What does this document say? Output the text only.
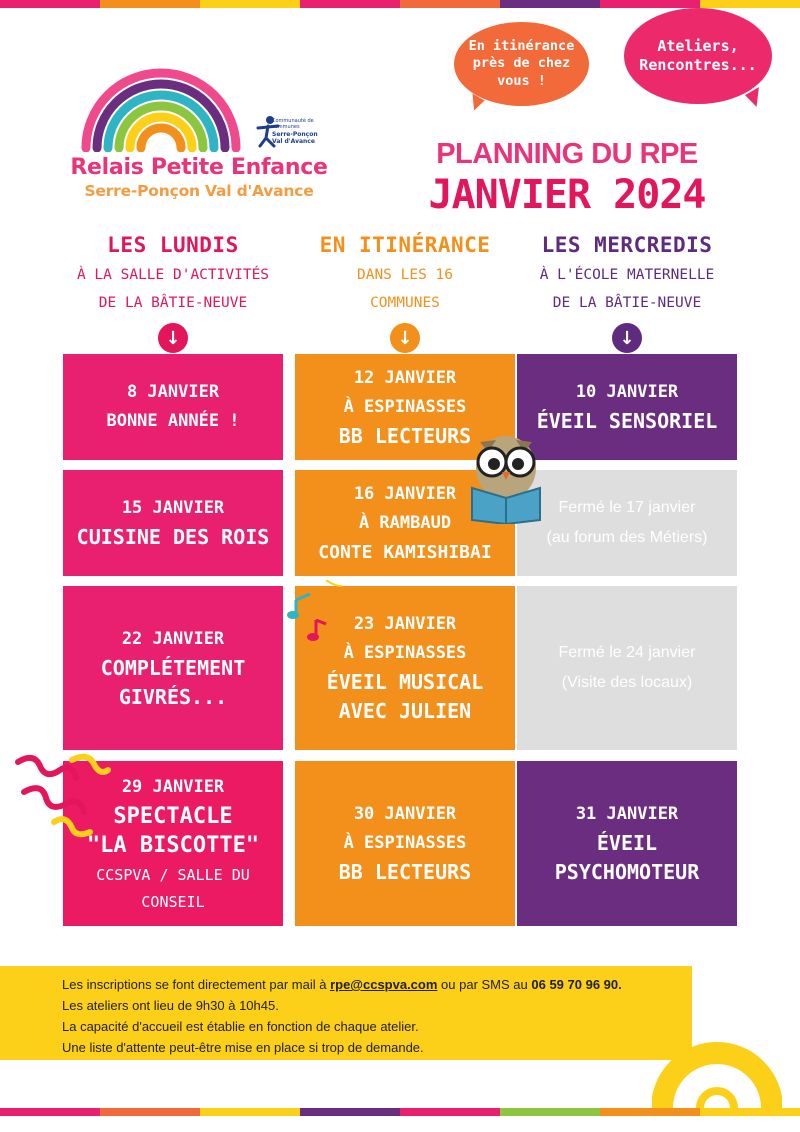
Communauté de communes
Serre-Ponçon
Val d'Avance
Relais Petite Enfance
Serre-Ponçon Val d'Avance
En itinérance
près de chez
vous !
Ateliers,
Rencontres...
PLANNING DU RPE
JANVIER 2024
LES LUNDIS
À LA SALLE D'ACTIVITÉS
DE LA BÂTIE-NEUVE
↓
EN ITINÉRANCE
DANS LES 16
COMMUNES
↓
LES MERCREDIS
À L'ÉCOLE MATERNELLE
DE LA BÂTIE-NEUVE
↓
8 JANVIER
BONNE ANNÉE !
12 JANVIER
À ESPINASSES
BB LECTEURS
10 JANVIER
ÉVEIL SENSORIEL
15 JANVIER
CUISINE DES ROIS
16 JANVIER
À RAMBAUD
CONTE KAMISHIBAI
Fermé le 17 janvier
(au forum des Métiers)
22 JANVIER
COMPLÉTEMENT
GIVRÉS...
23 JANVIER
À ESPINASSES
ÉVEIL MUSICAL
AVEC JULIEN
Fermé le 24 janvier
(Visite des locaux)
29 JANVIER
SPECTACLE
"LA BISCOTTE"
CCSPVA / SALLE DU
CONSEIL
30 JANVIER
À ESPINASSES
BB LECTEURS
31 JANVIER
ÉVEIL
PSYCHOMOTEUR

Les inscriptions se font directement par mail à rpe@ccspva.com ou par SMS au 06 59 70 96 90.

Les ateliers ont lieu de 9h30 à 10h45.

La capacité d'accueil est établie en fonction de chaque atelier.

Une liste d'attente peut-être mise en place si trop de demande.
